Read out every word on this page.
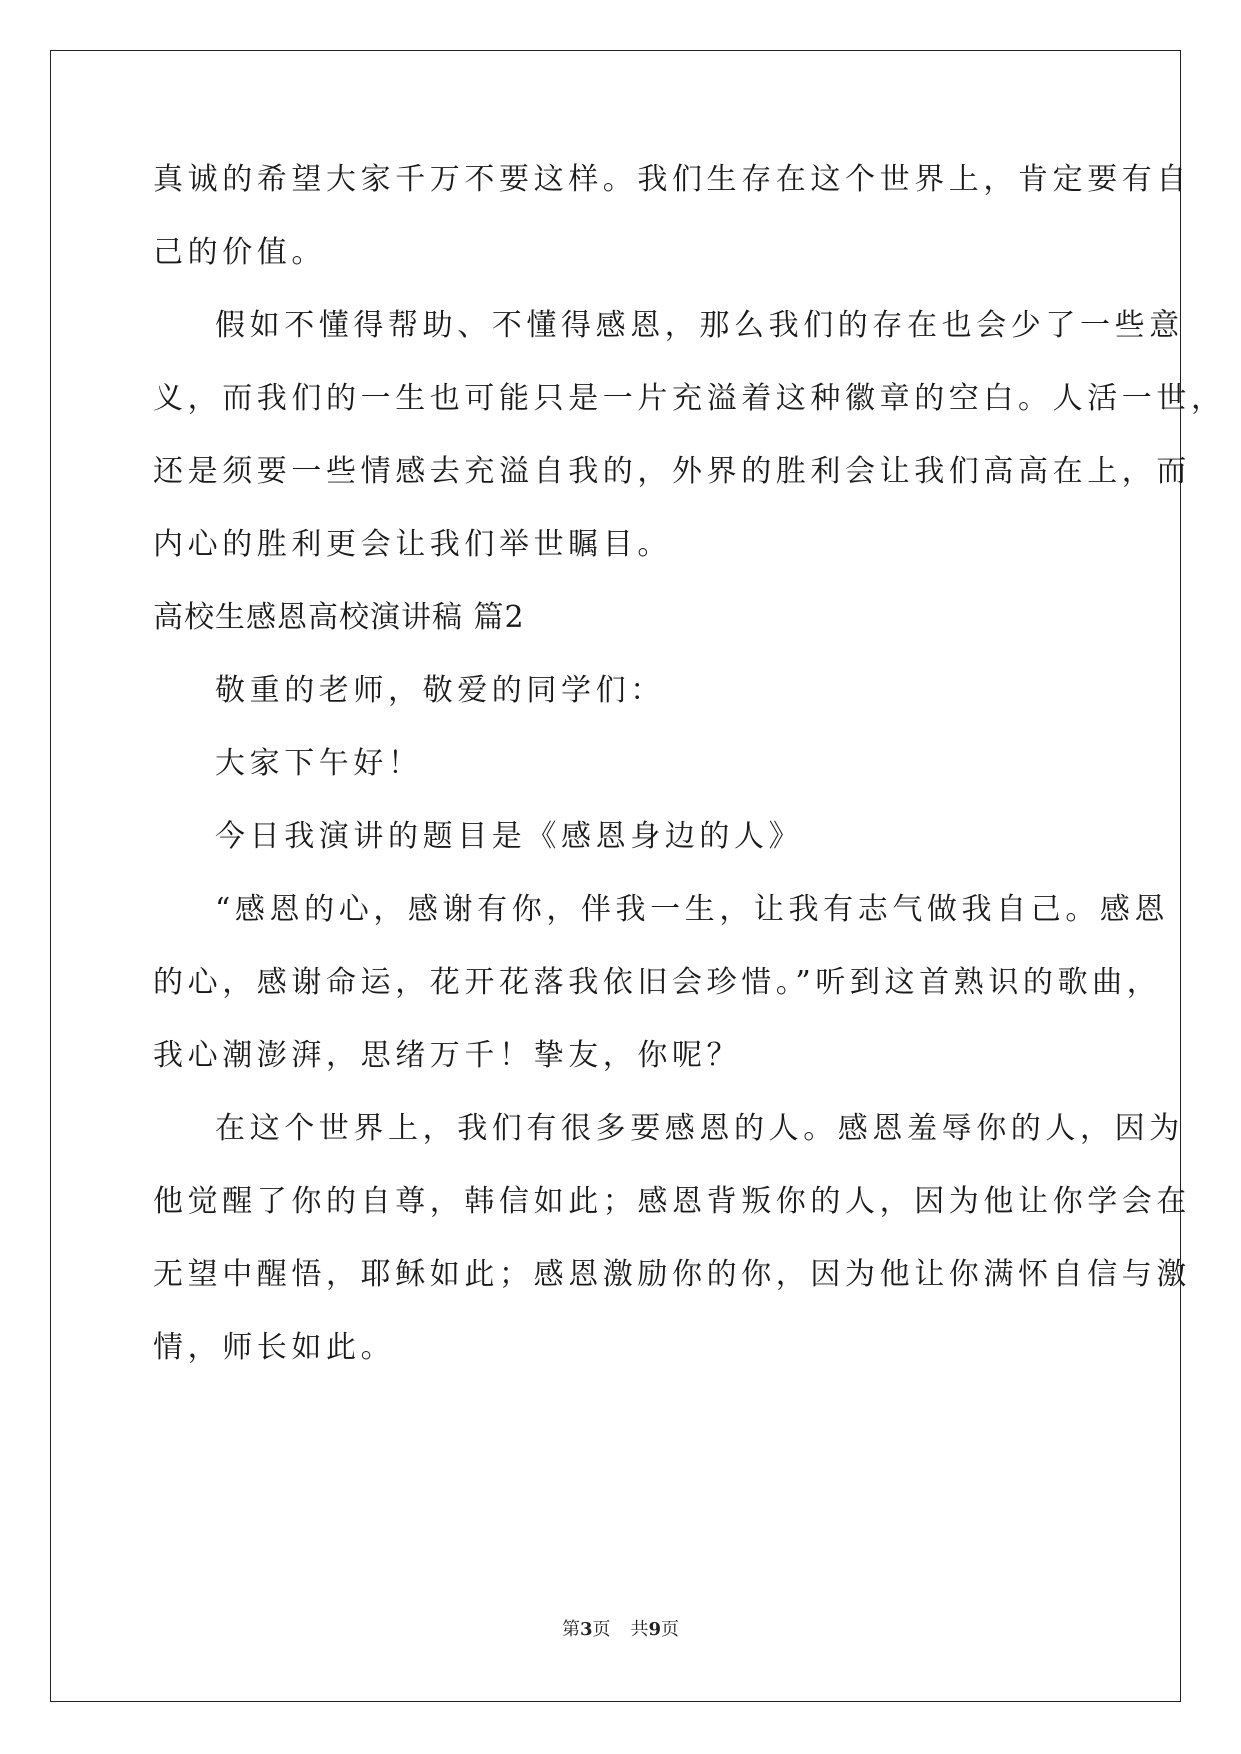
真诚的希望大家千万不要这样。我们生存在这个世界上，肯定要有自
己的价值。
假如不懂得帮助、不懂得感恩，那么我们的存在也会少了一些意
义，而我们的一生也可能只是一片充溢着这种徽章的空白。人活一世，
还是须要一些情感去充溢自我的，外界的胜利会让我们高高在上，而
内心的胜利更会让我们举世瞩目。
高校生感恩高校演讲稿 篇2
敬重的老师，敬爱的同学们：
大家下午好！
今日我演讲的题目是《感恩身边的人》
“感恩的心，感谢有你，伴我一生，让我有志气做我自己。感恩
的心，感谢命运，花开花落我依旧会珍惜。”听到这首熟识的歌曲，
我心潮澎湃，思绪万千！挚友，你呢？
在这个世界上，我们有很多要感恩的人。感恩羞辱你的人，因为
他觉醒了你的自尊，韩信如此；感恩背叛你的人，因为他让你学会在
无望中醒悟，耶稣如此；感恩激励你的你，因为他让你满怀自信与激
情，师长如此。
第3页 共9页
